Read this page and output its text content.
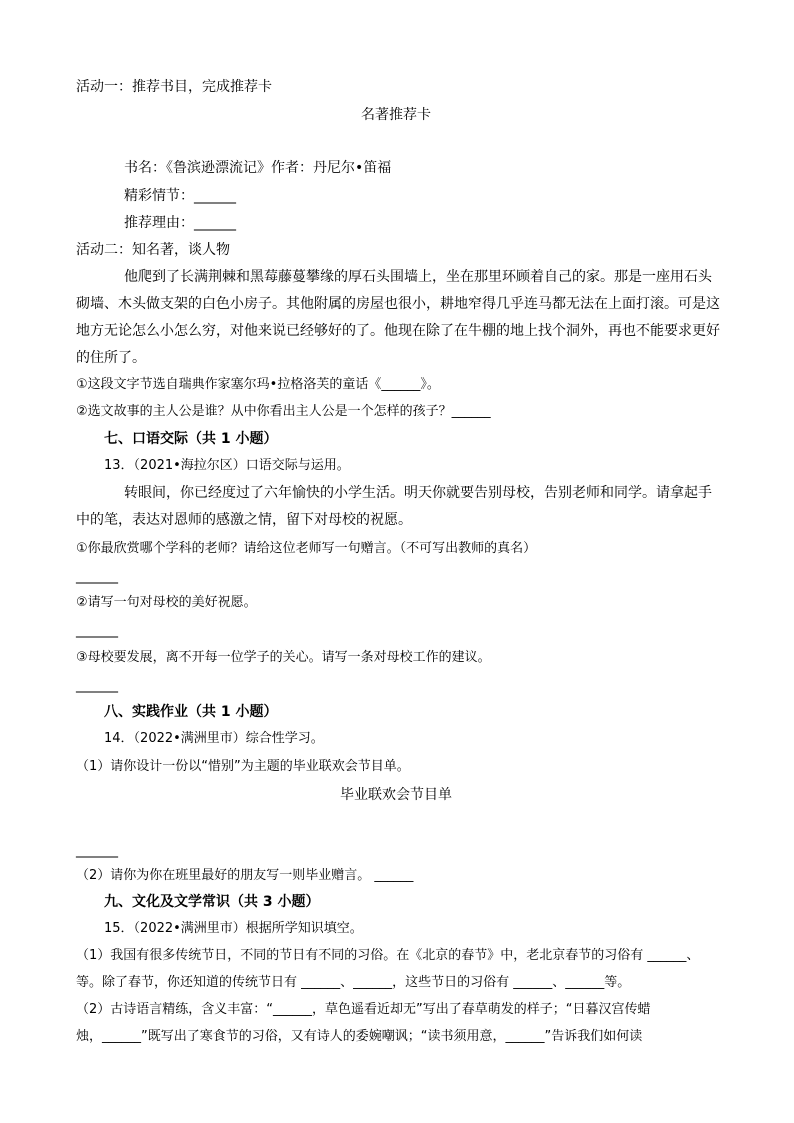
活动一：推荐书目，完成推荐卡
名著推荐卡
书名：《鲁滨逊漂流记》作者：丹尼尔•笛福
精彩情节：______
推荐理由：______
活动二：知名著，谈人物
他爬到了长满荆棘和黑莓藤蔓攀缘的厚石头围墙上，坐在那里环顾着自己的家。那是一座用石头
砌墙、木头做支架的白色小房子。其他附属的房屋也很小，耕地窄得几乎连马都无法在上面打滚。可是这
地方无论怎么小怎么穷，对他来说已经够好的了。他现在除了在牛棚的地上找个洞外，再也不能要求更好
的住所了。
①这段文字节选自瑞典作家塞尔玛•拉格洛芙的童话《______》。
②选文故事的主人公是谁？从中你看出主人公是一个怎样的孩子？______
七、口语交际（共 1 小题）
13．（2021•海拉尔区）口语交际与运用。
转眼间，你已经度过了六年愉快的小学生活。明天你就要告别母校，告别老师和同学。请拿起手
中的笔，表达对恩师的感激之情，留下对母校的祝愿。
①你最欣赏哪个学科的老师？请给这位老师写一句赠言。（不可写出教师的真名）
______
②请写一句对母校的美好祝愿。
______
③母校要发展，离不开每一位学子的关心。请写一条对母校工作的建议。
______
八、实践作业（共 1 小题）
14．（2022•满洲里市）综合性学习。
（1）请你设计一份以“惜别”为主题的毕业联欢会节目单。
毕业联欢会节目单
______
（2）请你为你在班里最好的朋友写一则毕业赠言。 ______
九、文化及文学常识（共 3 小题）
15．（2022•满洲里市）根据所学知识填空。
（1）我国有很多传统节日，不同的节日有不同的习俗。在《北京的春节》中，老北京春节的习俗有 ______、
等。除了春节，你还知道的传统节日有 ______、______，这些节日的习俗有 ______、______等。
（2）古诗语言精练，含义丰富：“______，草色遥看近却无”写出了春草萌发的样子；“日暮汉宫传蜡
烛，______”既写出了寒食节的习俗，又有诗人的委婉嘲讽；“读书须用意，______”告诉我们如何读
